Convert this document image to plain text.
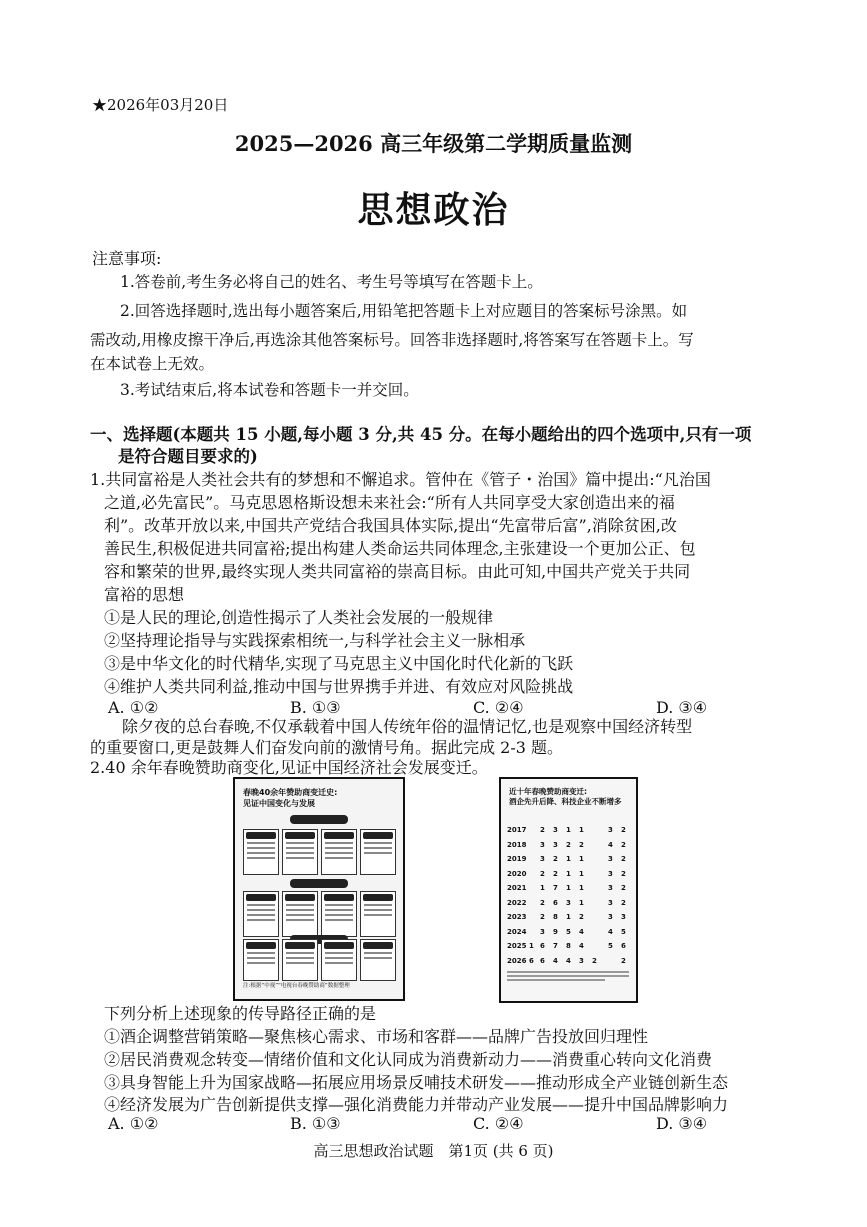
★2026年03月20日
2025—2026 高三年级第二学期质量监测
思想政治
注意事项:
1.答卷前,考生务必将自己的姓名、考生号等填写在答题卡上。
2.回答选择题时,选出每小题答案后,用铅笔把答题卡上对应题目的答案标号涂黑。如
需改动,用橡皮擦干净后,再选涂其他答案标号。回答非选择题时,将答案写在答题卡上。写
在本试卷上无效。
3.考试结束后,将本试卷和答题卡一并交回。
一、选择题(本题共 15 小题,每小题 3 分,共 45 分。在每小题给出的四个选项中,只有一项
是符合题目要求的)
1.共同富裕是人类社会共有的梦想和不懈追求。管仲在《管子・治国》篇中提出:“凡治国
之道,必先富民”。马克思恩格斯设想未来社会:“所有人共同享受大家创造出来的福
利”。改革开放以来,中国共产党结合我国具体实际,提出“先富带后富”,消除贫困,改
善民生,积极促进共同富裕;提出构建人类命运共同体理念,主张建设一个更加公正、包
容和繁荣的世界,最终实现人类共同富裕的崇高目标。由此可知,中国共产党关于共同
富裕的思想
①是人民的理论,创造性揭示了人类社会发展的一般规律
②坚持理论指导与实践探索相统一,与科学社会主义一脉相承
③是中华文化的时代精华,实现了马克思主义中国化时代化新的飞跃
④维护人类共同利益,推动中国与世界携手并进、有效应对风险挑战
A. ①②	B. ①③	C. ②④	D. ③④
除夕夜的总台春晚,不仅承载着中国人传统年俗的温情记忆,也是观察中国经济转型
的重要窗口,更是鼓舞人们奋发向前的激情号角。据此完成 2-3 题。
2.40 余年春晚赞助商变化,见证中国经济社会发展变迁。
春晚40余年赞助商变迁史:
见证中国变化与发展
注:根据“中视”“电视台春晚赞助商”数据整理
近十年春晚赞助商变迁:
酒企先升后降、科技企业不断增多
2017 2 3 1 1	3 2
2018 3 3 2 2	4 2
2019 3 2 1 1	3 2
2020 2 2 1 1	3 2
2021 1 7 1 1	3 2
2022 2 6 3 1	3 2
2023 2 8 1 2	3 3
2024 3 9 5 4	4 5
2025 1 6 7 8 4	5 6
2026 6 6 4 4 3 2	2
下列分析上述现象的传导路径正确的是
①酒企调整营销策略—聚焦核心需求、市场和客群——品牌广告投放回归理性
②居民消费观念转变—情绪价值和文化认同成为消费新动力——消费重心转向文化消费
③具身智能上升为国家战略—拓展应用场景反哺技术研发——推动形成全产业链创新生态
④经济发展为广告创新提供支撑—强化消费能力并带动产业发展——提升中国品牌影响力
A. ①②	B. ①③	C. ②④	D. ③④
高三思想政治试题　第1页 (共 6 页)
